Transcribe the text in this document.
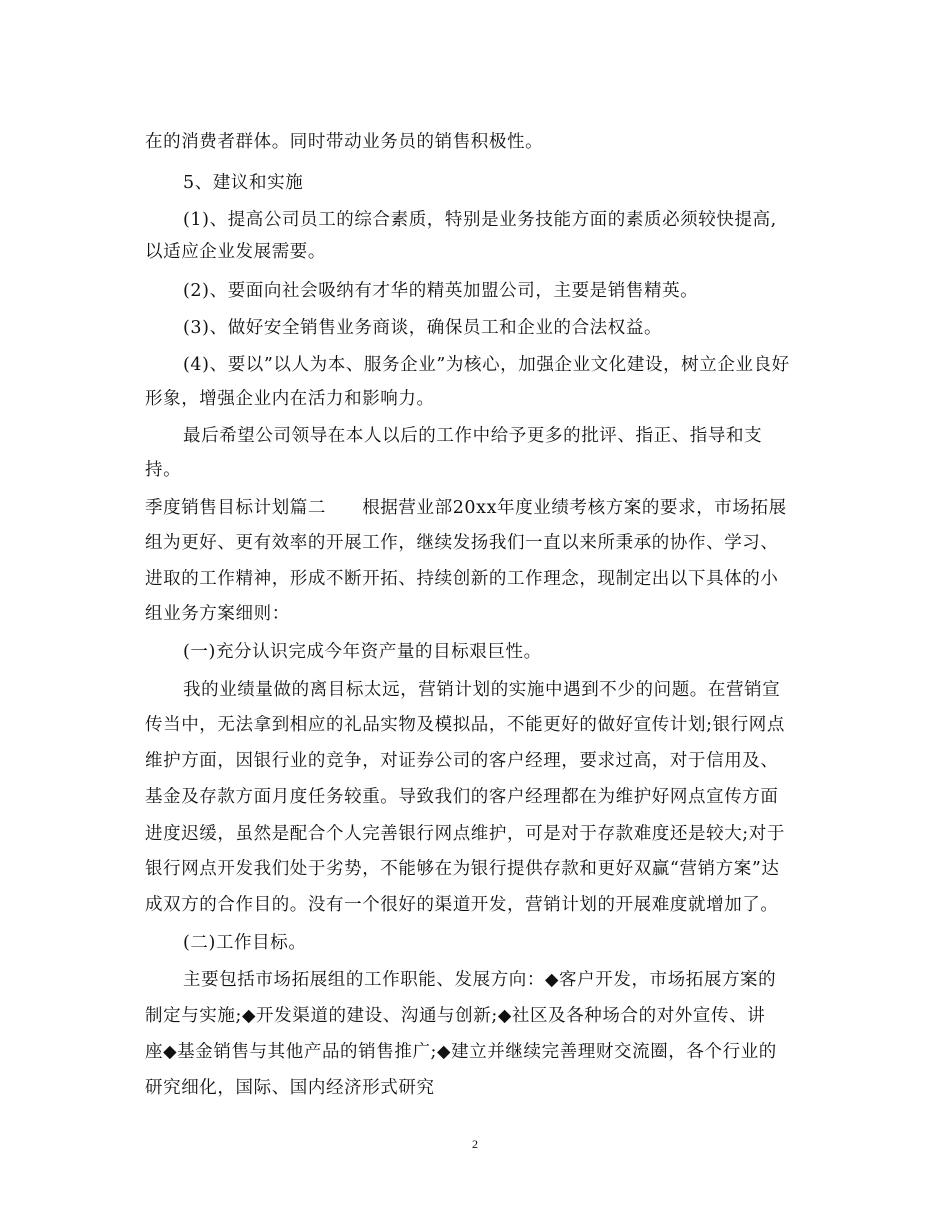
在的消费者群体。同时带动业务员的销售积极性。
5、建议和实施
(1)、提高公司员工的综合素质，特别是业务技能方面的素质必须较快提高,
以适应企业发展需要。
(2)、要面向社会吸纳有才华的精英加盟公司，主要是销售精英。
(3)、做好安全销售业务商谈，确保员工和企业的合法权益。
(4)、要以”以人为本、服务企业”为核心，加强企业文化建设，树立企业良好
形象，增强企业内在活力和影响力。
最后希望公司领导在本人以后的工作中给予更多的批评、指正、指导和支
持。
季度销售目标计划篇二　　根据营业部20xx年度业绩考核方案的要求，市场拓展
组为更好、更有效率的开展工作，继续发扬我们一直以来所秉承的协作、学习、
进取的工作精神，形成不断开拓、持续创新的工作理念，现制定出以下具体的小
组业务方案细则：
(一)充分认识完成今年资产量的目标艰巨性。
我的业绩量做的离目标太远，营销计划的实施中遇到不少的问题。在营销宣
传当中，无法拿到相应的礼品实物及模拟品，不能更好的做好宣传计划;银行网点
维护方面，因银行业的竞争，对证券公司的客户经理，要求过高，对于信用及、
基金及存款方面月度任务较重。导致我们的客户经理都在为维护好网点宣传方面
进度迟缓，虽然是配合个人完善银行网点维护，可是对于存款难度还是较大;对于
银行网点开发我们处于劣势，不能够在为银行提供存款和更好双赢“营销方案”达
成双方的合作目的。没有一个很好的渠道开发，营销计划的开展难度就增加了。
(二)工作目标。
主要包括市场拓展组的工作职能、发展方向：◆客户开发，市场拓展方案的
制定与实施;◆开发渠道的建设、沟通与创新;◆社区及各种场合的对外宣传、讲
座◆基金销售与其他产品的销售推广;◆建立并继续完善理财交流圈，各个行业的
研究细化，国际、国内经济形式研究
2
